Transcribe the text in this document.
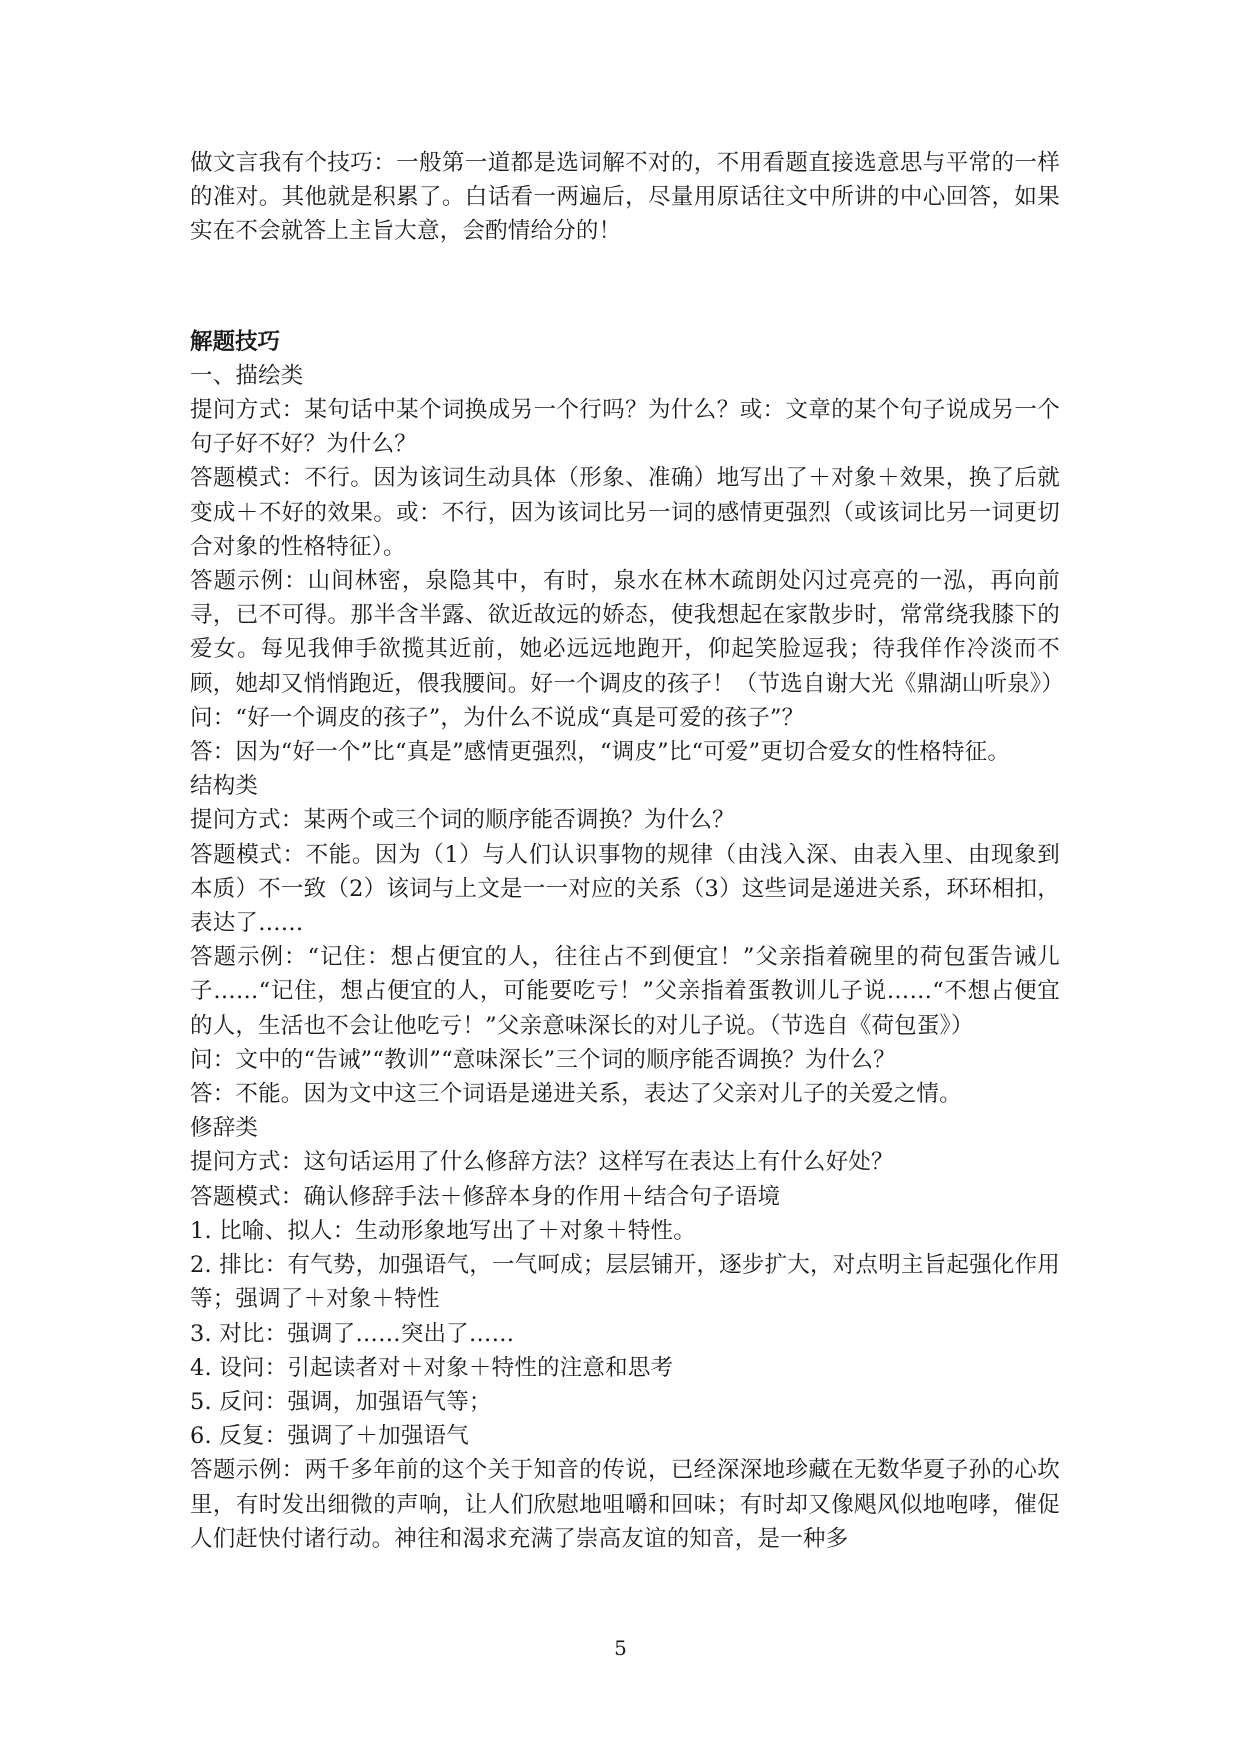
做文言我有个技巧：一般第一道都是选词解不对的，不用看题直接选意思与平常的一样的准对。其他就是积累了。白话看一两遍后，尽量用原话往文中所讲的中心回答，如果实在不会就答上主旨大意，会酌情给分的！

解题技巧

一、描绘类

提问方式：某句话中某个词换成另一个行吗？为什么？或：文章的某个句子说成另一个句子好不好？为什么？

答题模式：不行。因为该词生动具体（形象、准确）地写出了＋对象＋效果，换了后就变成＋不好的效果。或：不行，因为该词比另一词的感情更强烈（或该词比另一词更切合对象的性格特征）。

答题示例：山间林密，泉隐其中，有时，泉水在林木疏朗处闪过亮亮的一泓，再向前寻，已不可得。那半含半露、欲近故远的娇态，使我想起在家散步时，常常绕我膝下的爱女。每见我伸手欲揽其近前，她必远远地跑开，仰起笑脸逗我；待我佯作冷淡而不顾，她却又悄悄跑近，偎我腰间。好一个调皮的孩子！（节选自谢大光《鼎湖山听泉》）

问：“好一个调皮的孩子”，为什么不说成“真是可爱的孩子”？

答：因为“好一个”比“真是”感情更强烈，“调皮”比“可爱”更切合爱女的性格特征。

结构类

提问方式：某两个或三个词的顺序能否调换？为什么？

答题模式：不能。因为（1）与人们认识事物的规律（由浅入深、由表入里、由现象到本质）不一致（2）该词与上文是一一对应的关系（3）这些词是递进关系，环环相扣，表达了……

答题示例：“记住：想占便宜的人，往往占不到便宜！”父亲指着碗里的荷包蛋告诫儿子……“记住，想占便宜的人，可能要吃亏！”父亲指着蛋教训儿子说……“不想占便宜的人，生活也不会让他吃亏！”父亲意味深长的对儿子说。（节选自《荷包蛋》）

问：文中的“告诫”“教训”“意味深长”三个词的顺序能否调换？为什么？

答：不能。因为文中这三个词语是递进关系，表达了父亲对儿子的关爱之情。

修辞类

提问方式：这句话运用了什么修辞方法？这样写在表达上有什么好处？

答题模式：确认修辞手法＋修辞本身的作用＋结合句子语境

1. 比喻、拟人：生动形象地写出了＋对象＋特性。

2. 排比：有气势，加强语气，一气呵成；层层铺开，逐步扩大，对点明主旨起强化作用等；强调了＋对象＋特性

3. 对比：强调了……突出了……

4. 设问：引起读者对＋对象＋特性的注意和思考

5. 反问：强调，加强语气等；

6. 反复：强调了＋加强语气

答题示例：两千多年前的这个关于知音的传说，已经深深地珍藏在无数华夏子孙的心坎里，有时发出细微的声响，让人们欣慰地咀嚼和回味；有时却又像飓风似地咆哮，催促人们赶快付诸行动。神往和渴求充满了崇高友谊的知音，是一种多

5
